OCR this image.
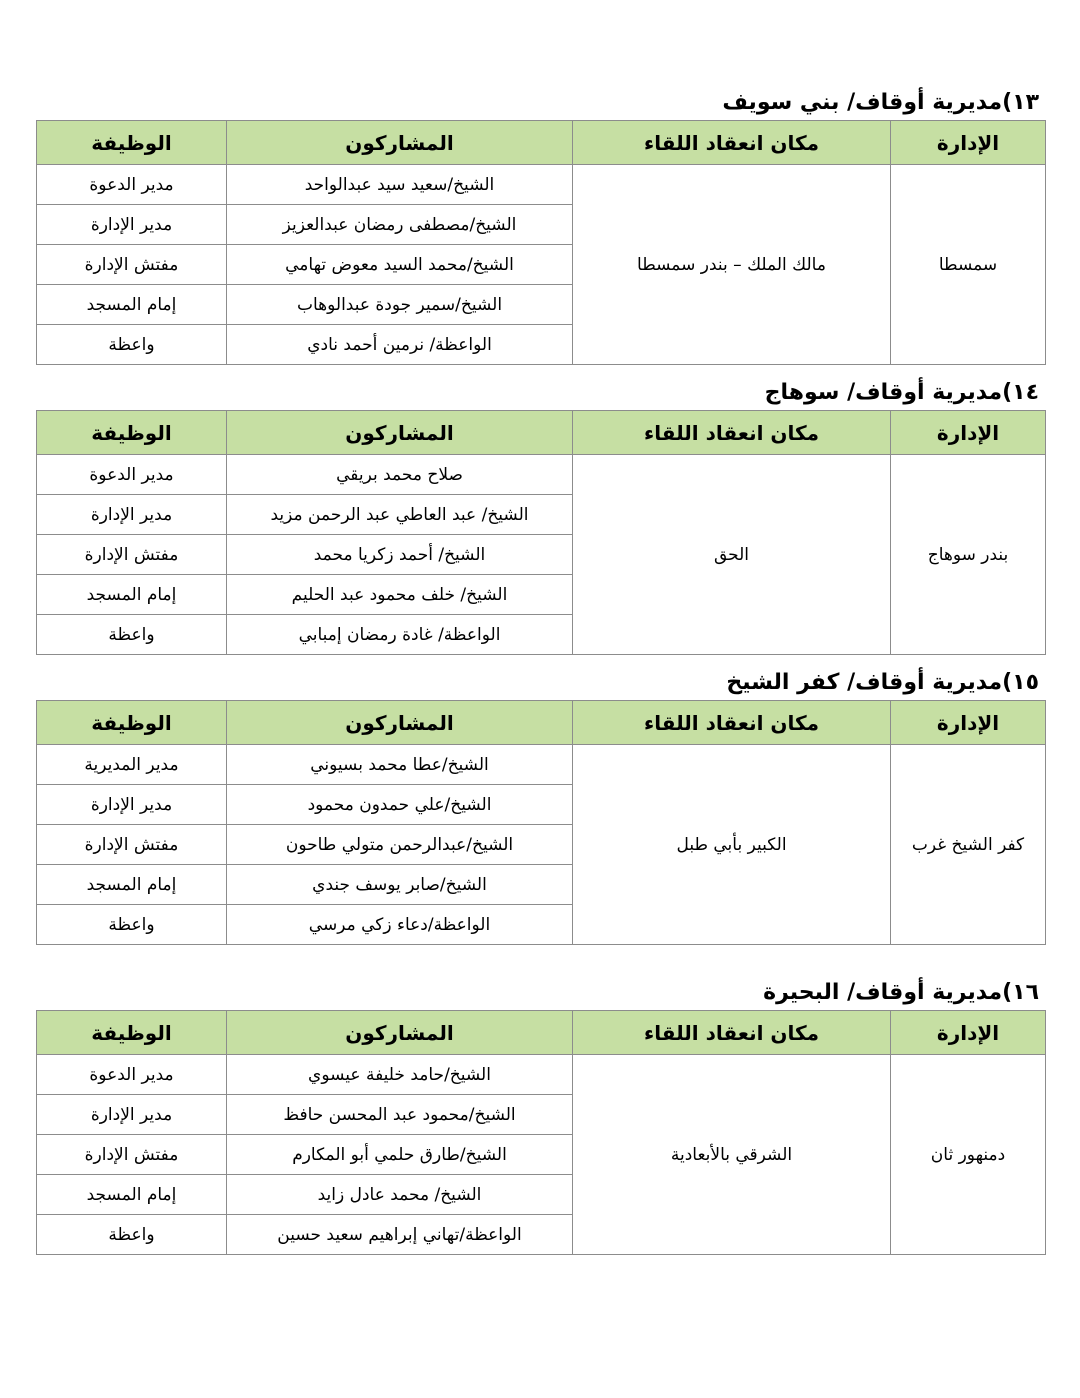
١٣)مديرية أوقاف/ بني سويف
الإدارة	مكان انعقاد اللقاء	المشاركون	الوظيفة
سمسطا	مالك الملك – بندر سمسطا	الشيخ/سعيد سيد عبدالواحد	مدير الدعوة
		الشيخ/مصطفى رمضان عبدالعزيز	مدير الإدارة
		الشيخ/محمد السيد معوض تهامي	مفتش الإدارة
		الشيخ/سمير جودة عبدالوهاب	إمام المسجد
		الواعظة/ نرمين أحمد نادي	واعظة
١٤)مديرية أوقاف/ سوهاج
الإدارة	مكان انعقاد اللقاء	المشاركون	الوظيفة
بندر سوهاج	الحق	صلاح محمد بريقي	مدير الدعوة
		الشيخ/ عبد العاطي عبد الرحمن مزيد	مدير الإدارة
		الشيخ/ أحمد زكريا محمد	مفتش الإدارة
		الشيخ/ خلف محمود عبد الحليم	إمام المسجد
		الواعظة/ غادة رمضان إمبابي	واعظة
١٥)مديرية أوقاف/ كفر الشيخ
الإدارة	مكان انعقاد اللقاء	المشاركون	الوظيفة
كفر الشيخ غرب	الكبير بأبي طبل	الشيخ/عطا محمد بسيوني	مدير المديرية
		الشيخ/علي حمدون محمود	مدير الإدارة
		الشيخ/عبدالرحمن متولي طاحون	مفتش الإدارة
		الشيخ/صابر يوسف جندي	إمام المسجد
		الواعظة/دعاء زكي مرسي	واعظة
١٦)مديرية أوقاف/ البحيرة
الإدارة	مكان انعقاد اللقاء	المشاركون	الوظيفة
دمنهور ثان	الشرقي بالأبعادية	الشيخ/حامد خليفة عيسوي	مدير الدعوة
		الشيخ/محمود عبد المحسن حافظ	مدير الإدارة
		الشيخ/طارق حلمي أبو المكارم	مفتش الإدارة
		الشيخ/ محمد عادل زايد	إمام المسجد
		الواعظة/تهاني إبراهيم سعيد حسين	واعظة
